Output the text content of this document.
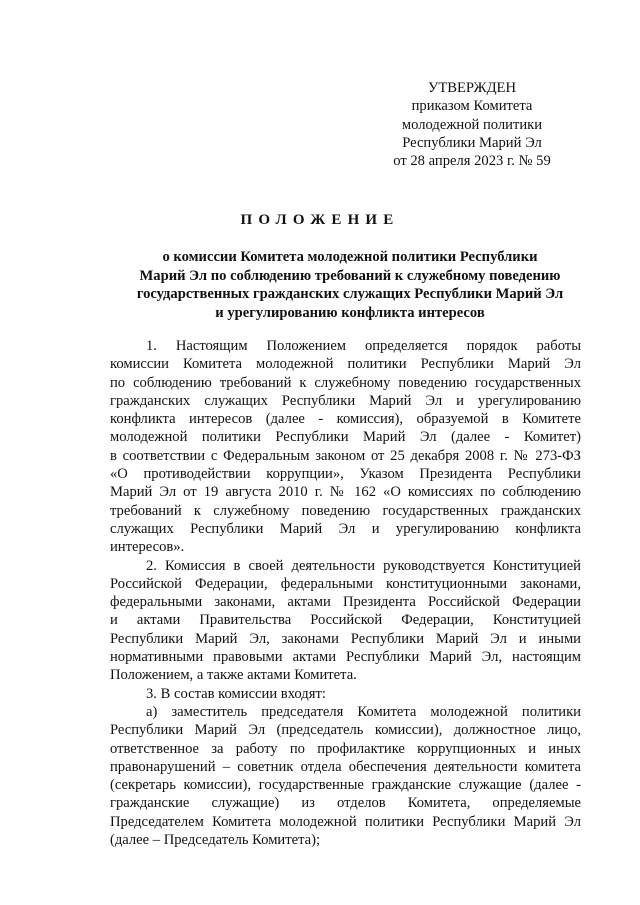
УТВЕРЖДЕН
приказом Комитета
молодежной политики
Республики Марий Эл
от 28 апреля 2023 г. № 59
ПОЛОЖЕНИЕ
о комиссии Комитета молодежной политики Республики
Марий Эл по соблюдению требований к служебному поведению
государственных гражданских служащих Республики Марий Эл
и урегулированию конфликта интересов
1. Настоящим Положением определяется порядок работы
комиссии Комитета молодежной политики Республики Марий Эл
по соблюдению требований к служебному поведению государственных
гражданских служащих Республики Марий Эл и урегулированию
конфликта интересов (далее - комиссия), образуемой в Комитете
молодежной политики Республики Марий Эл (далее - Комитет)
в соответствии с Федеральным законом от 25 декабря 2008 г. № 273-ФЗ
«О противодействии коррупции», Указом Президента Республики
Марий Эл от 19 августа 2010 г. № 162 «О комиссиях по соблюдению
требований к служебному поведению государственных гражданских
служащих Республики Марий Эл и урегулированию конфликта
интересов».
2. Комиссия в своей деятельности руководствуется Конституцией
Российской Федерации, федеральными конституционными законами,
федеральными законами, актами Президента Российской Федерации
и актами Правительства Российской Федерации, Конституцией
Республики Марий Эл, законами Республики Марий Эл и иными
нормативными правовыми актами Республики Марий Эл, настоящим
Положением, а также актами Комитета.
3. В состав комиссии входят:
а) заместитель председателя Комитета молодежной политики
Республики Марий Эл (председатель комиссии), должностное лицо,
ответственное за работу по профилактике коррупционных и иных
правонарушений – советник отдела обеспечения деятельности комитета
(секретарь комиссии), государственные гражданские служащие (далее -
гражданские служащие) из отделов Комитета, определяемые
Председателем Комитета молодежной политики Республики Марий Эл
(далее – Председатель Комитета);
